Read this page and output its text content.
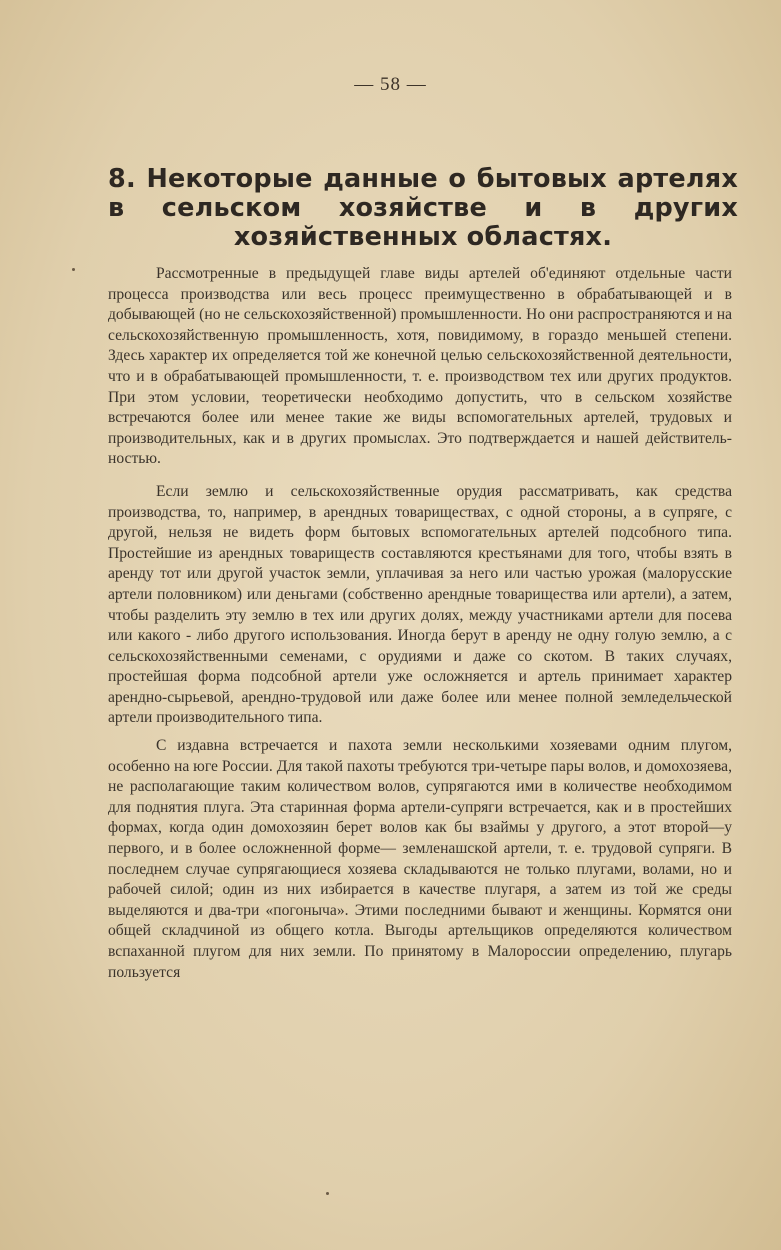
— 58 —
8. Некоторые данные о бытовых артелях в сельском хозяйстве и в других хозяйственных областях.

Рассмотренные в предыдущей главе виды артелей об'единяют отдельные части процесса производства или весь процесс преимущественно в обрабатывающей и в добывающей (но не сельскохозяйственной) промышленности. Но они распространяются и на сельскохозяйственную промышленность, хотя, повидимому, в гораздо меньшей степени. Здесь характер их определяется той же конечной целью сельскохозяйственной деятельности, что и в обрабатывающей промышленности, т. е. производством тех или других продуктов. При этом условии, теоретически необходимо допустить, что в сельском хозяйстве встречаются более или менее такие же виды вспомогательных артелей, трудовых и производительных, как и в других промыслах. Это подтверждается и нашей действительностью.

Если землю и сельскохозяйственные орудия рассматривать, как средства производства, то, например, в арендных товариществах, с одной стороны, а в супряге, с другой, нельзя не видеть форм бытовых вспомогательных артелей подсобного типа. Простейшие из арендных товариществ составляются крестьянами для того, чтобы взять в аренду тот или другой участок земли, уплачивая за него или частью урожая (малорусские артели половником) или деньгами (собственно арендные товарищества или артели), а затем, чтобы разделить эту землю в тех или других долях, между участниками артели для посева или какого - либо другого использования. Иногда берут в аренду не одну голую землю, а с сельскохозяйственными семенами, с орудиями и даже со скотом. В таких случаях, простейшая форма подсобной артели уже осложняется и артель принимает характер арендно-сырьевой, арендно-трудовой или даже более или менее полной земледельческой артели производительного типа.

С издавна встречается и пахота земли несколькими хозяевами одним плугом, особенно на юге России. Для такой пахоты требуются три-четыре пары волов, и домохозяева, не располагающие таким количеством волов, супрягаются ими в количестве необходимом для поднятия плуга. Эта старинная форма артели-супряги встречается, как и в простейших формах, когда один домохозяин берет волов как бы взаймы у другого, а этот второй—у первого, и в более осложненной форме— земленашской артели, т. е. трудовой супряги. В последнем случае супрягающиеся хозяева складываются не только плугами, волами, но и рабочей силой; один из них избирается в качестве плугаря, а затем из той же среды выделяются и два-три «погоныча». Этими последними бывают и женщины. Кормятся они общей складчиной из общего котла. Выгоды артельщиков определяются количеством вспаханной плугом для них земли. По принятому в Малороссии определению, плугарь пользуется
